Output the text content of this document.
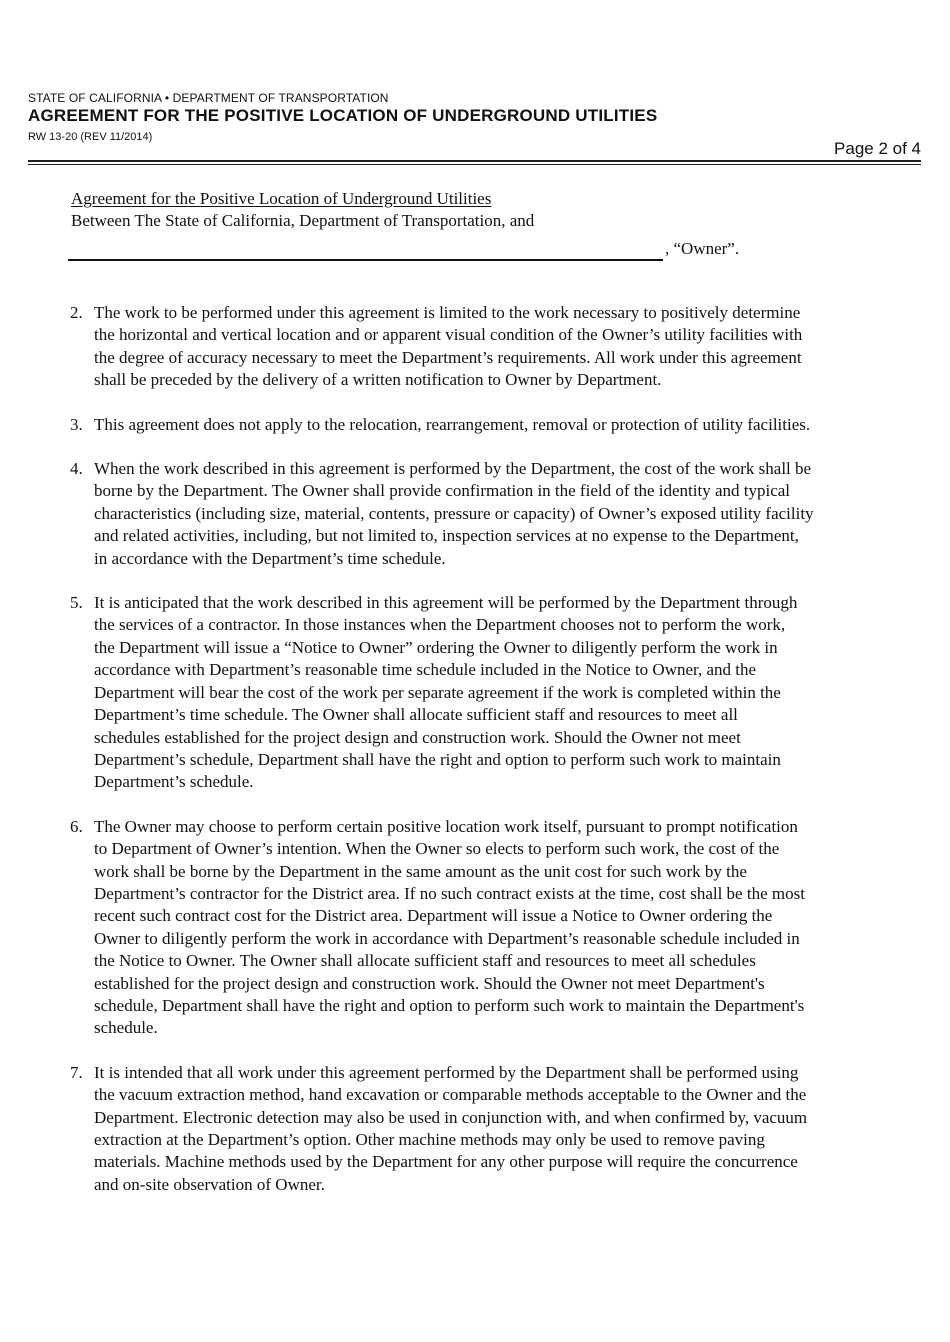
STATE OF CALIFORNIA • DEPARTMENT OF TRANSPORTATION
AGREEMENT FOR THE POSITIVE LOCATION OF UNDERGROUND UTILITIES
RW 13-20 (REV 11/2014)
Page 2 of 4
Agreement for the Positive Location of Underground Utilities
Between The State of California, Department of Transportation, and
, “Owner”.
2. The work to be performed under this agreement is limited to the work necessary to positively determine
the horizontal and vertical location and or apparent visual condition of the Owner’s utility facilities with
the degree of accuracy necessary to meet the Department’s requirements. All work under this agreement
shall be preceded by the delivery of a written notification to Owner by Department.
3. This agreement does not apply to the relocation, rearrangement, removal or protection of utility facilities.
4. When the work described in this agreement is performed by the Department, the cost of the work shall be
borne by the Department. The Owner shall provide confirmation in the field of the identity and typical
characteristics (including size, material, contents, pressure or capacity) of Owner’s exposed utility facility
and related activities, including, but not limited to, inspection services at no expense to the Department,
in accordance with the Department’s time schedule.
5. It is anticipated that the work described in this agreement will be performed by the Department through
the services of a contractor. In those instances when the Department chooses not to perform the work,
the Department will issue a “Notice to Owner” ordering the Owner to diligently perform the work in
accordance with Department’s reasonable time schedule included in the Notice to Owner, and the
Department will bear the cost of the work per separate agreement if the work is completed within the
Department’s time schedule. The Owner shall allocate sufficient staff and resources to meet all
schedules established for the project design and construction work. Should the Owner not meet
Department’s schedule, Department shall have the right and option to perform such work to maintain
Department’s schedule.
6. The Owner may choose to perform certain positive location work itself, pursuant to prompt notification
to Department of Owner’s intention. When the Owner so elects to perform such work, the cost of the
work shall be borne by the Department in the same amount as the unit cost for such work by the
Department’s contractor for the District area. If no such contract exists at the time, cost shall be the most
recent such contract cost for the District area. Department will issue a Notice to Owner ordering the
Owner to diligently perform the work in accordance with Department’s reasonable schedule included in
the Notice to Owner. The Owner shall allocate sufficient staff and resources to meet all schedules
established for the project design and construction work. Should the Owner not meet Department's
schedule, Department shall have the right and option to perform such work to maintain the Department's
schedule.
7. It is intended that all work under this agreement performed by the Department shall be performed using
the vacuum extraction method, hand excavation or comparable methods acceptable to the Owner and the
Department. Electronic detection may also be used in conjunction with, and when confirmed by, vacuum
extraction at the Department’s option. Other machine methods may only be used to remove paving
materials. Machine methods used by the Department for any other purpose will require the concurrence
and on-site observation of Owner.
